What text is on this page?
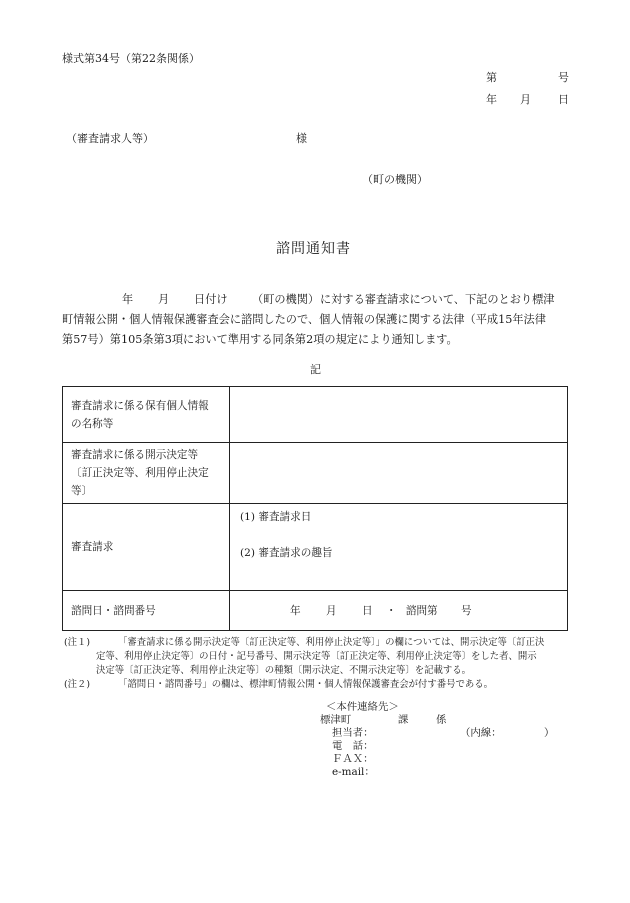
様式第34号（第22条関係）
第	号
年 月 日
（審査請求人等）	様
（町の機関）
諮問通知書
年 月 日付け （町の機関） に対する審査請求について、下記のとおり標津
町情報公開・個人情報保護審査会に諮問したので、個人情報の保護に関する法律（平成15年法律
第57号）第105条第3項において準用する同条第2項の規定により通知します。
記
審査請求に係る保有個人情報
の名称等	

審査請求に係る開示決定等
〔訂正決定等、利用停止決定
等〕	

審査請求	(1) 審査請求日
(2) 審査請求の趣旨

諮問日・諮問番号	年 月 日 ・ 諮問第 号
(注１)	「審査請求に係る開示決定等〔訂正決定等、利用停止決定等〕」の欄については、開示決定等〔訂正決
定等、利用停止決定等〕の日付・記号番号、開示決定等〔訂正決定等、利用停止決定等〕をした者、開示
決定等〔訂正決定等、利用停止決定等〕の種類〔開示決定、不開示決定等〕を記載する。
(注２)	「諮問日・諮問番号」の欄は、標津町情報公開・個人情報保護審査会が付す番号である。
＜本件連絡先＞
標津町	課	係
担当者：	（内線：	）
電　話：
ＦＡＸ：
e-mail：
